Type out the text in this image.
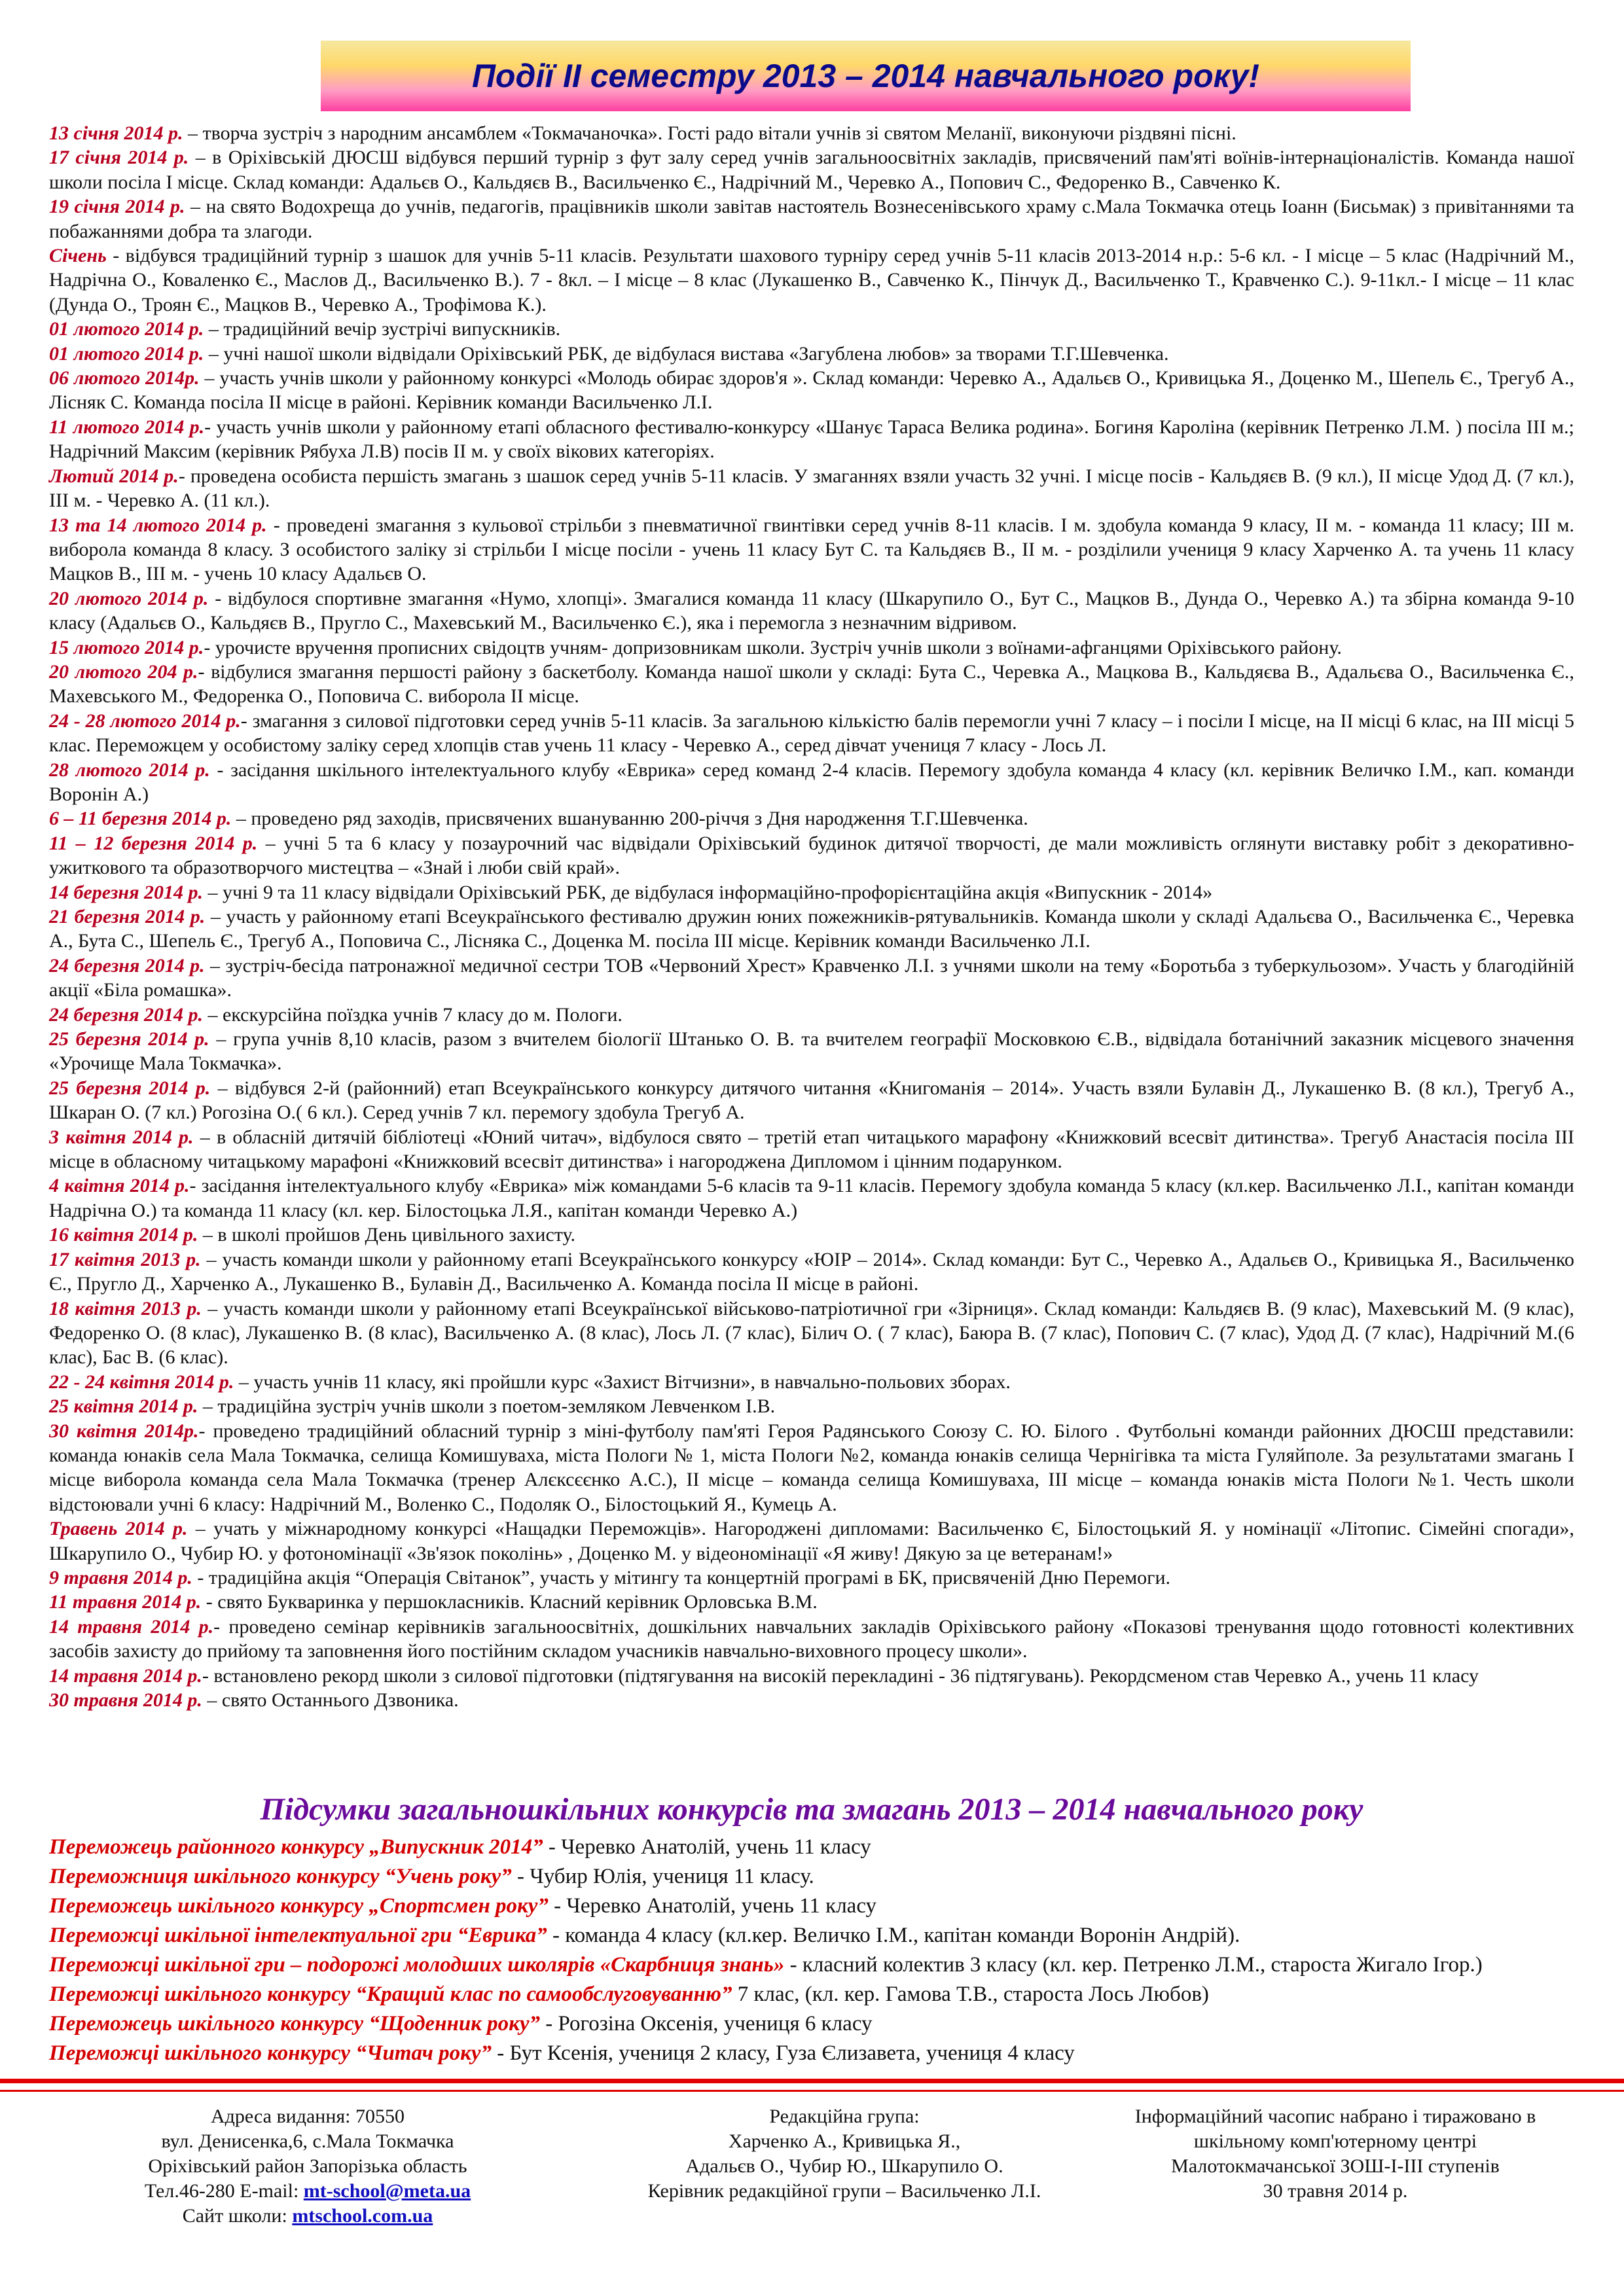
Події ІІ семестру 2013 – 2014 навчального року!

13 січня 2014 р. – творча зустріч з народним ансамблем «Токмачаночка». Гості радо вітали учнів зі святом Меланії, виконуючи різдвяні пісні.

17 січня 2014 р. – в Оріхівській ДЮСШ відбувся перший турнір з фут залу серед учнів загальноосвітніх закладів, присвячений пам'яті воїнів-інтернаціоналістів. Команда нашої школи посіла І місце. Склад команди: Адальєв О., Кальдяєв В., Васильченко Є., Надрічний М., Черевко А., Попович С., Федоренко В., Савченко К.

19 січня 2014 р. – на свято Водохреща до учнів, педагогів, працівників школи завітав настоятель Вознесенівського храму с.Мала Токмачка отець Іоанн (Бисьмак) з привітаннями та побажаннями добра та злагоди.

Січень - відбувся традиційний турнір з шашок для учнів 5-11 класів. Результати шахового турніру серед учнів 5-11 класів 2013-2014 н.р.: 5-6 кл. - І місце – 5 клас (Надрічний М., Надрічна О., Коваленко Є., Маслов Д., Васильченко В.). 7 - 8кл. – І місце – 8 клас (Лукашенко В., Савченко К., Пінчук Д., Васильченко Т., Кравченко С.). 9-11кл.- І місце – 11 клас (Дунда О., Троян Є., Мацков В., Черевко А., Трофімова К.).

01 лютого 2014 р. – традиційний вечір зустрічі випускників.

01 лютого 2014 р. – учні нашої школи відвідали Оріхівський РБК, де відбулася вистава «Загублена любов» за творами Т.Г.Шевченка.

06 лютого 2014р. – участь учнів школи у районному конкурсі «Молодь обирає здоров'я ». Склад команди: Черевко А., Адальєв О., Кривицька Я., Доценко М., Шепель Є., Трегуб А., Лісняк С. Команда посіла ІІ місце в районі. Керівник команди Васильченко Л.І.

11 лютого 2014 р.- участь учнів школи у районному етапі обласного фестивалю-конкурсу «Шанує Тараса Велика родина». Богиня Кароліна (керівник Петренко Л.М. ) посіла ІІІ м.; Надрічний Максим (керівник Рябуха Л.В) посів ІІ м. у своїх вікових категоріях.

Лютий 2014 р.- проведена особиста першість змагань з шашок серед учнів 5-11 класів. У змаганнях взяли участь 32 учні. І місце посів - Кальдяєв В. (9 кл.), ІІ місце Удод Д. (7 кл.), ІІІ м. - Черевко А. (11 кл.).

13 та 14 лютого 2014 р. - проведені змагання з кульової стрільби з пневматичної гвинтівки серед учнів 8-11 класів. І м. здобула команда 9 класу, ІІ м. - команда 11 класу; ІІІ м. виборола команда 8 класу. З особистого заліку зі стрільби І місце посіли - учень 11 класу Бут С. та Кальдяєв В., ІІ м. - розділили учениця 9 класу Харченко А. та учень 11 класу Мацков В., ІІІ м. - учень 10 класу Адальєв О.

20 лютого 2014 р. - відбулося спортивне змагання «Нумо, хлопці». Змагалися команда 11 класу (Шкарупило О., Бут С., Мацков В., Дунда О., Черевко А.) та збірна команда 9-10 класу (Адальєв О., Кальдяєв В., Пругло С., Махевський М., Васильченко Є.), яка і перемогла з незначним відривом.

15 лютого 2014 р.- урочисте вручення прописних свідоцтв учням- допризовникам школи. Зустріч учнів школи з воїнами-афганцями Оріхівського району.

20 лютого 204 р.- відбулися змагання першості району з баскетболу. Команда нашої школи у складі: Бута С., Черевка А., Мацкова В., Кальдяєва В., Адальєва О., Васильченка Є., Махевського М., Федоренка О., Поповича С. виборола ІІ місце.

24 - 28 лютого 2014 р.- змагання з силової підготовки серед учнів 5-11 класів. За загальною кількістю балів перемогли учні 7 класу – і посіли І місце, на ІІ місці 6 клас, на ІІІ місці 5 клас. Переможцем у особистому заліку серед хлопців став учень 11 класу - Черевко А., серед дівчат учениця 7 класу - Лось Л.

28 лютого 2014 р. - засідання шкільного інтелектуального клубу «Еврика» серед команд 2-4 класів. Перемогу здобула команда 4 класу (кл. керівник Величко І.М., кап. команди Воронін А.)

6 – 11 березня 2014 р. – проведено ряд заходів, присвячених вшануванню 200-річчя з Дня народження Т.Г.Шевченка.

11 – 12 березня 2014 р. – учні 5 та 6 класу у позаурочний час відвідали Оріхівський будинок дитячої творчості, де мали можливість оглянути виставку робіт з декоративно-ужиткового та образотворчого мистецтва – «Знай і люби свій край».

14 березня 2014 р. – учні 9 та 11 класу відвідали Оріхівський РБК, де відбулася інформаційно-профорієнтаційна акція «Випускник - 2014»

21 березня 2014 р. – участь у районному етапі Всеукраїнського фестивалю дружин юних пожежників-рятувальників. Команда школи у складі Адальєва О., Васильченка Є., Черевка А., Бута С., Шепель Є., Трегуб А., Поповича С., Лісняка С., Доценка М. посіла ІІІ місце. Керівник команди Васильченко Л.І.

24 березня 2014 р. – зустріч-бесіда патронажної медичної сестри ТОВ «Червоний Хрест» Кравченко Л.І. з учнями школи на тему «Боротьба з туберкульозом». Участь у благодійній акції «Біла ромашка».

24 березня 2014 р. – екскурсійна поїздка учнів 7 класу до м. Пологи.

25 березня 2014 р. – група учнів 8,10 класів, разом з вчителем біології Штанько О. В. та вчителем географії Московкою Є.В., відвідала ботанічний заказник місцевого значення «Урочище Мала Токмачка».

25 березня 2014 р. – відбувся 2-й (районний) етап Всеукраїнського конкурсу дитячого читання «Книгоманія – 2014». Участь взяли Булавін Д., Лукашенко В. (8 кл.), Трегуб А., Шкаран О. (7 кл.) Рогозіна О.( 6 кл.). Серед учнів 7 кл. перемогу здобула Трегуб А.

3 квітня 2014 р. – в обласній дитячій бібліотеці «Юний читач», відбулося свято – третій етап читацького марафону «Книжковий всесвіт дитинства». Трегуб Анастасія посіла ІІІ місце в обласному читацькому марафоні «Книжковий всесвіт дитинства» і нагороджена Дипломом і цінним подарунком.

4 квітня 2014 р.- засідання інтелектуального клубу «Еврика» між командами 5-6 класів та 9-11 класів. Перемогу здобула команда 5 класу (кл.кер. Васильченко Л.І., капітан команди Надрічна О.) та команда 11 класу (кл. кер. Білостоцька Л.Я., капітан команди Черевко А.)

16 квітня 2014 р. – в школі пройшов День цивільного захисту.

17 квітня 2013 р. – участь команди школи у районному етапі Всеукраїнського конкурсу «ЮІР – 2014». Склад команди: Бут С., Черевко А., Адальєв О., Кривицька Я., Васильченко Є., Пругло Д., Харченко А., Лукашенко В., Булавін Д., Васильченко А. Команда посіла ІІ місце в районі.

18 квітня 2013 р. – участь команди школи у районному етапі Всеукраїнської військово-патріотичної гри «Зірниця». Склад команди: Кальдяєв В. (9 клас), Махевський М. (9 клас), Федоренко О. (8 клас), Лукашенко В. (8 клас), Васильченко А. (8 клас), Лось Л. (7 клас), Білич О. ( 7 клас), Баюра В. (7 клас), Попович С. (7 клас), Удод Д. (7 клас), Надрічний М.(6 клас), Бас В. (6 клас).

22 - 24 квітня 2014 р. – участь учнів 11 класу, які пройшли курс «Захист Вітчизни», в навчально-польових зборах.

25 квітня 2014 р. – традиційна зустріч учнів школи з поетом-земляком Левченком І.В.

30 квітня 2014р.- проведено традиційний обласний турнір з міні-футболу пам'яті Героя Радянського Союзу С. Ю. Білого . Футбольні команди районних ДЮСШ представили: команда юнаків села Мала Токмачка, селища Комишуваха, міста Пологи № 1, міста Пологи №2, команда юнаків селища Чернігівка та міста Гуляйполе. За результатами змагань І місце виборола команда села Мала Токмачка (тренер Алєксєєнко А.С.), ІІ місце – команда селища Комишуваха, ІІІ місце – команда юнаків міста Пологи №1. Честь школи відстоювали учні 6 класу: Надрічний М., Воленко С., Подоляк О., Білостоцький Я., Кумець А.

Травень 2014 р. – учать у міжнародному конкурсі «Нащадки Переможців». Нагороджені дипломами: Васильченко Є, Білостоцький Я. у номінації «Літопис. Сімейні спогади», Шкарупило О., Чубир Ю. у фотономінації «Зв'язок поколінь» , Доценко М. у відеономінації «Я живу! Дякую за це ветеранам!»

9 травня 2014 р. - традиційна акція “Операція Світанок”, участь у мітингу та концертній програмі в БК, присвяченій Дню Перемоги.

11 травня 2014 р. - свято Букваринка у першокласників. Класний керівник Орловська В.М.

14 травня 2014 р.- проведено семінар керівників загальноосвітніх, дошкільних навчальних закладів Оріхівського району «Показові тренування щодо готовності колективних засобів захисту до прийому та заповнення його постійним складом учасників навчально-виховного процесу школи».

14 травня 2014 р.- встановлено рекорд школи з силової підготовки (підтягування на високій перекладині - 36 підтягувань). Рекордсменом став Черевко А., учень 11 класу

30 травня 2014 р. – свято Останнього Дзвоника.

Підсумки загальношкільних конкурсів та змагань 2013 – 2014 навчального року

Переможець районного конкурсу „Випускник 2014” - Черевко Анатолій, учень 11 класу

Переможниця шкільного конкурсу “Учень року” - Чубир Юлія, учениця 11 класу.

Переможець шкільного конкурсу „Спортсмен року” - Черевко Анатолій, учень 11 класу

Переможці шкільної інтелектуальної гри “Еврика” - команда 4 класу (кл.кер. Величко І.М., капітан команди Воронін Андрій).

Переможці шкільної гри – подорожі молодших школярів «Скарбниця знань» - класний колектив 3 класу (кл. кер. Петренко Л.М., староста Жигало Ігор.)

Переможці шкільного конкурсу “Кращий клас по самообслуговуванню” 7 клас, (кл. кер. Гамова Т.В., староста Лось Любов)

Переможець шкільного конкурсу “Щоденник року” - Рогозіна Оксенія, учениця 6 класу

Переможці шкільного конкурсу “Читач року” - Бут Ксенія, учениця 2 класу, Гуза Єлизавета, учениця 4 класу

Адреса видання: 70550
вул. Денисенка,6, с.Мала Токмачка
Оріхівський район Запорізька область
Тел.46-280 E-mail: mt-school@meta.ua
Сайт школи: mtschool.com.ua
Редакційна група:
Харченко А., Кривицька Я.,
Адальєв О., Чубир Ю., Шкарупило О.
Керівник редакційної групи – Васильченко Л.І.
Інформаційний часопис набрано і тиражовано в
шкільному комп'ютерному центрі
Малотокмачанської ЗОШ-І-ІІІ ступенів
30 травня 2014 р.
